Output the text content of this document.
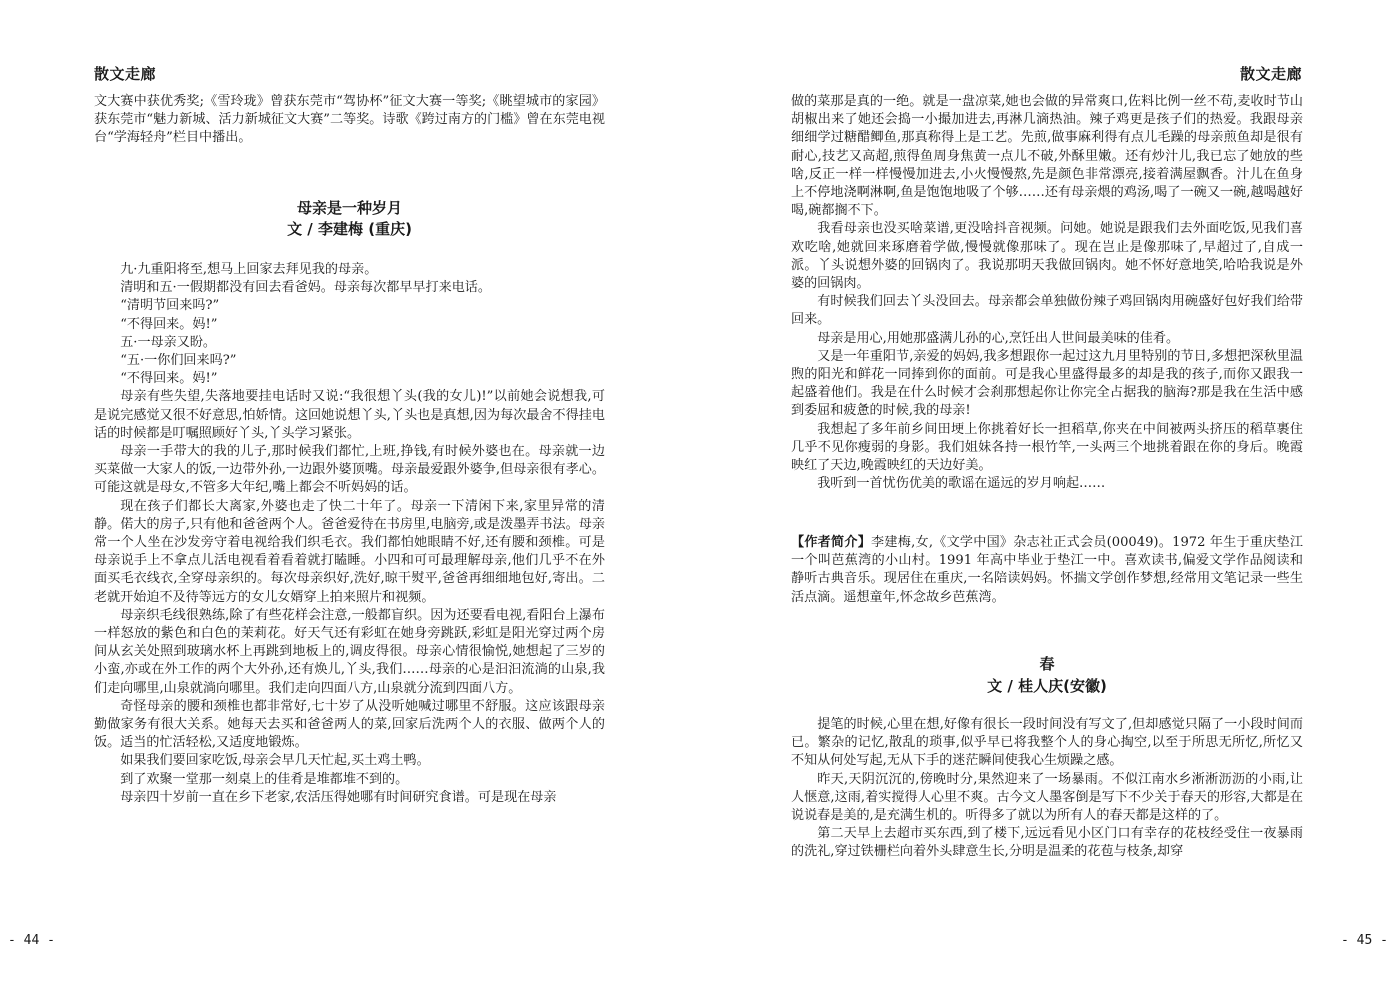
散文走廊

文大赛中获优秀奖;《雪玲珑》曾获东莞市“驾协杯”征文大赛一等奖;《眺望城市的家园》获东莞市“魅力新城、活力新城征文大赛”二等奖。诗歌《跨过南方的门槛》曾在东莞电视台“学海轻舟”栏目中播出。

母亲是一种岁月
文 / 李建梅 (重庆)

九·九重阳将至,想马上回家去拜见我的母亲。

清明和五·一假期都没有回去看爸妈。母亲每次都早早打来电话。

“清明节回来吗?”

“不得回来。妈!”

五·一母亲又盼。

“五·一你们回来吗?”

“不得回来。妈!”

母亲有些失望,失落地要挂电话时又说:“我很想丫头(我的女儿)!”以前她会说想我,可是说完感觉又很不好意思,怕娇情。这回她说想丫头,丫头也是真想,因为每次最舍不得挂电话的时候都是叮嘱照顾好丫头,丫头学习紧张。

母亲一手带大的我的儿子,那时候我们都忙,上班,挣钱,有时候外婆也在。母亲就一边买菜做一大家人的饭,一边带外孙,一边跟外婆顶嘴。母亲最爱跟外婆争,但母亲很有孝心。可能这就是母女,不管多大年纪,嘴上都会不听妈妈的话。

现在孩子们都长大离家,外婆也走了快二十年了。母亲一下清闲下来,家里异常的清静。偌大的房子,只有他和爸爸两个人。爸爸爱待在书房里,电脑旁,或是泼墨弄书法。母亲常一个人坐在沙发旁守着电视给我们织毛衣。我们都怕她眼睛不好,还有腰和颈椎。可是母亲说手上不拿点儿活电视看着看着就打瞌睡。小四和可可最理解母亲,他们几乎不在外面买毛衣线衣,全穿母亲织的。每次母亲织好,洗好,晾干熨平,爸爸再细细地包好,寄出。二老就开始迫不及待等远方的女儿女婿穿上拍来照片和视频。

母亲织毛线很熟练,除了有些花样会注意,一般都盲织。因为还要看电视,看阳台上瀑布一样怒放的紫色和白色的茉莉花。好天气还有彩虹在她身旁跳跃,彩虹是阳光穿过两个房间从玄关处照到玻璃水杯上再跳到地板上的,调皮得很。母亲心情很愉悦,她想起了三岁的小蛮,亦或在外工作的两个大外孙,还有焕儿,丫头,我们……母亲的心是汩汩流淌的山泉,我们走向哪里,山泉就淌向哪里。我们走向四面八方,山泉就分流到四面八方。

奇怪母亲的腰和颈椎也都非常好,七十岁了从没听她喊过哪里不舒服。这应该跟母亲勤做家务有很大关系。她每天去买和爸爸两人的菜,回家后洗两个人的衣服、做两个人的饭。适当的忙活轻松,又适度地锻炼。

如果我们要回家吃饭,母亲会早几天忙起,买土鸡土鸭。

到了欢聚一堂那一刻桌上的佳肴是堆都堆不到的。

母亲四十岁前一直在乡下老家,农活压得她哪有时间研究食谱。可是现在母亲

- 44 -
散文走廊

做的菜那是真的一绝。就是一盘凉菜,她也会做的异常爽口,佐料比例一丝不苟,麦收时节山胡椒出来了她还会捣一小撮加进去,再淋几滴热油。辣子鸡更是孩子们的热爱。我跟母亲细细学过糖醋鲫鱼,那真称得上是工艺。先煎,做事麻利得有点儿毛躁的母亲煎鱼却是很有耐心,技艺又高超,煎得鱼周身焦黄一点儿不破,外酥里嫩。还有炒汁儿,我已忘了她放的些啥,反正一样一样慢慢加进去,小火慢慢熬,先是颜色非常漂亮,接着满屋飘香。汁儿在鱼身上不停地浇啊淋啊,鱼是饱饱地吸了个够……还有母亲煨的鸡汤,喝了一碗又一碗,越喝越好喝,碗都搁不下。

我看母亲也没买啥菜谱,更没啥抖音视频。问她。她说是跟我们去外面吃饭,见我们喜欢吃啥,她就回来琢磨着学做,慢慢就像那味了。现在岂止是像那味了,早超过了,自成一派。丫头说想外婆的回锅肉了。我说那明天我做回锅肉。她不怀好意地笑,哈哈我说是外婆的回锅肉。

有时候我们回去丫头没回去。母亲都会单独做份辣子鸡回锅肉用碗盛好包好我们给带回来。

母亲是用心,用她那盛满儿孙的心,烹饪出人世间最美味的佳肴。

又是一年重阳节,亲爱的妈妈,我多想跟你一起过这九月里特别的节日,多想把深秋里温煦的阳光和鲜花一同捧到你的面前。可是我心里盛得最多的却是我的孩子,而你又跟我一起盛着他们。我是在什么时候才会刹那想起你让你完全占据我的脑海?那是我在生活中感到委屈和疲惫的时候,我的母亲!

我想起了多年前乡间田埂上你挑着好长一担稻草,你夹在中间被两头挤压的稻草裹住几乎不见你瘦弱的身影。我们姐妹各持一根竹竿,一头两三个地挑着跟在你的身后。晚霞映红了天边,晚霞映红的天边好美。

我听到一首忧伤优美的歌谣在遥远的岁月响起……

【作者简介】李建梅,女,《文学中国》杂志社正式会员(00049)。1972 年生于重庆垫江一个叫芭蕉湾的小山村。1991 年高中毕业于垫江一中。喜欢读书,偏爱文学作品阅读和静听古典音乐。现居住在重庆,一名陪读妈妈。怀揣文学创作梦想,经常用文笔记录一些生活点滴。遥想童年,怀念故乡芭蕉湾。

春
文 / 桂人庆(安徽)

提笔的时候,心里在想,好像有很长一段时间没有写文了,但却感觉只隔了一小段时间而已。繁杂的记忆,散乱的琐事,似乎早已将我整个人的身心掏空,以至于所思无所忆,所忆又不知从何处写起,无从下手的迷茫瞬间使我心生烦躁之感。

昨天,天阴沉沉的,傍晚时分,果然迎来了一场暴雨。不似江南水乡淅淅沥沥的小雨,让人惬意,这雨,着实搅得人心里不爽。古今文人墨客倒是写下不少关于春天的形容,大都是在说说春是美的,是充满生机的。听得多了就以为所有人的春天都是这样的了。

第二天早上去超市买东西,到了楼下,远远看见小区门口有幸存的花枝经受住一夜暴雨的洗礼,穿过铁栅栏向着外头肆意生长,分明是温柔的花苞与枝条,却穿

- 45 -
